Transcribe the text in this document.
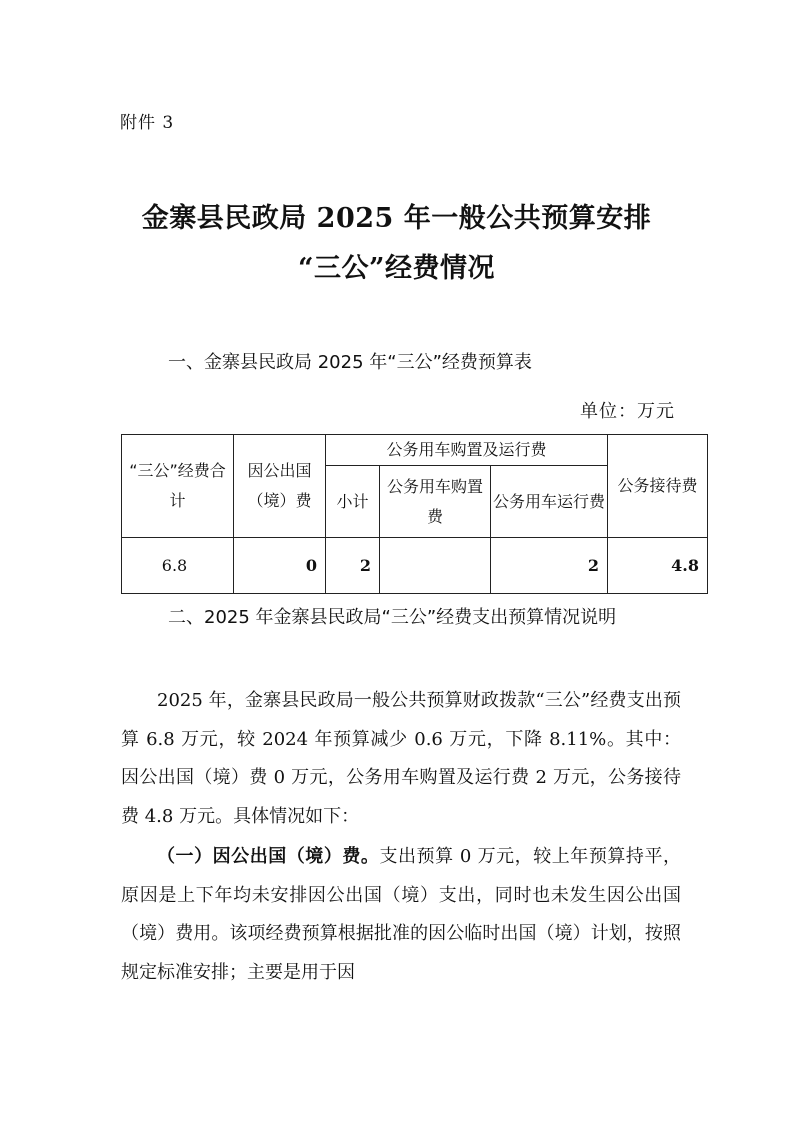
附件 3
金寨县民政局 2025 年一般公共预算安排
“三公”经费情况
一、金寨县民政局 2025 年“三公”经费预算表
单位：万元
“三公”经费合计	因公出国（境）费	公务用车购置及运行费			公务接待费
		小计	公务用车购置费	公务用车运行费	
6.8	0	2		2	4.8
二、2025 年金寨县民政局“三公”经费支出预算情况说明
2025 年，金寨县民政局一般公共预算财政拨款“三公”经费支出预算 6.8 万元，较 2024 年预算减少 0.6 万元，下降 8.11%。其中：因公出国（境）费 0 万元，公务用车购置及运行费 2 万元，公务接待费 4.8 万元。具体情况如下：
（一）因公出国（境）费。支出预算 0 万元，较上年预算持平，原因是上下年均未安排因公出国（境）支出，同时也未发生因公出国（境）费用。该项经费预算根据批准的因公临时出国（境）计划，按照规定标准安排；主要是用于因
